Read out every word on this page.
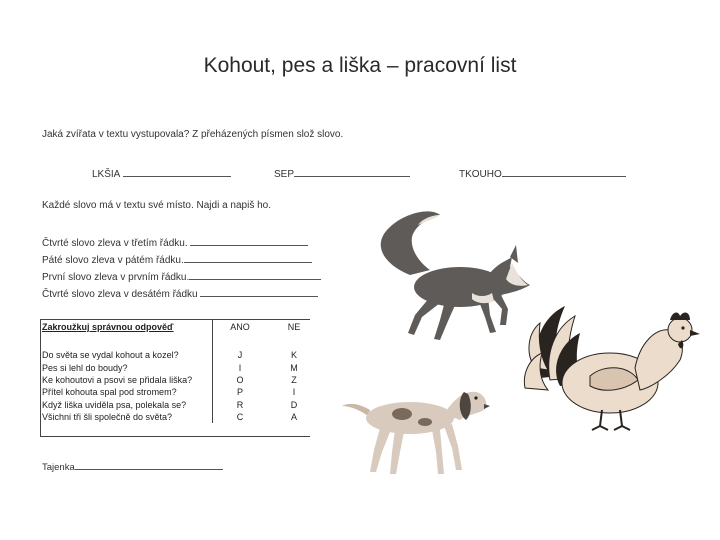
Kohout, pes a liška – pracovní list
Jaká zvířata v textu vystupovala? Z přeházených písmen slož slovo.
LKŠIA	SEP	TKOUHO
Každé slovo má v textu své místo. Najdi a napiš ho.
Čtvrté slovo zleva v třetím řádku.
Páté slovo zleva v pátém řádku.
První slovo zleva v prvním řádku.
Čtvrté slovo zleva v desátém řádku
Zakroužkuj správnou odpověď	ANO	NE

Do světa se vydal kohout a kozel?	J	K
Pes si lehl do boudy?	I	M
Ke kohoutovi a psovi se přidala liška?	O	Z
Přítel kohouta spal pod stromem?	P	I
Když liška uviděla psa, polekala se?	R	D
Všichni tři šli společně do světa?	C	A
Tajenka
